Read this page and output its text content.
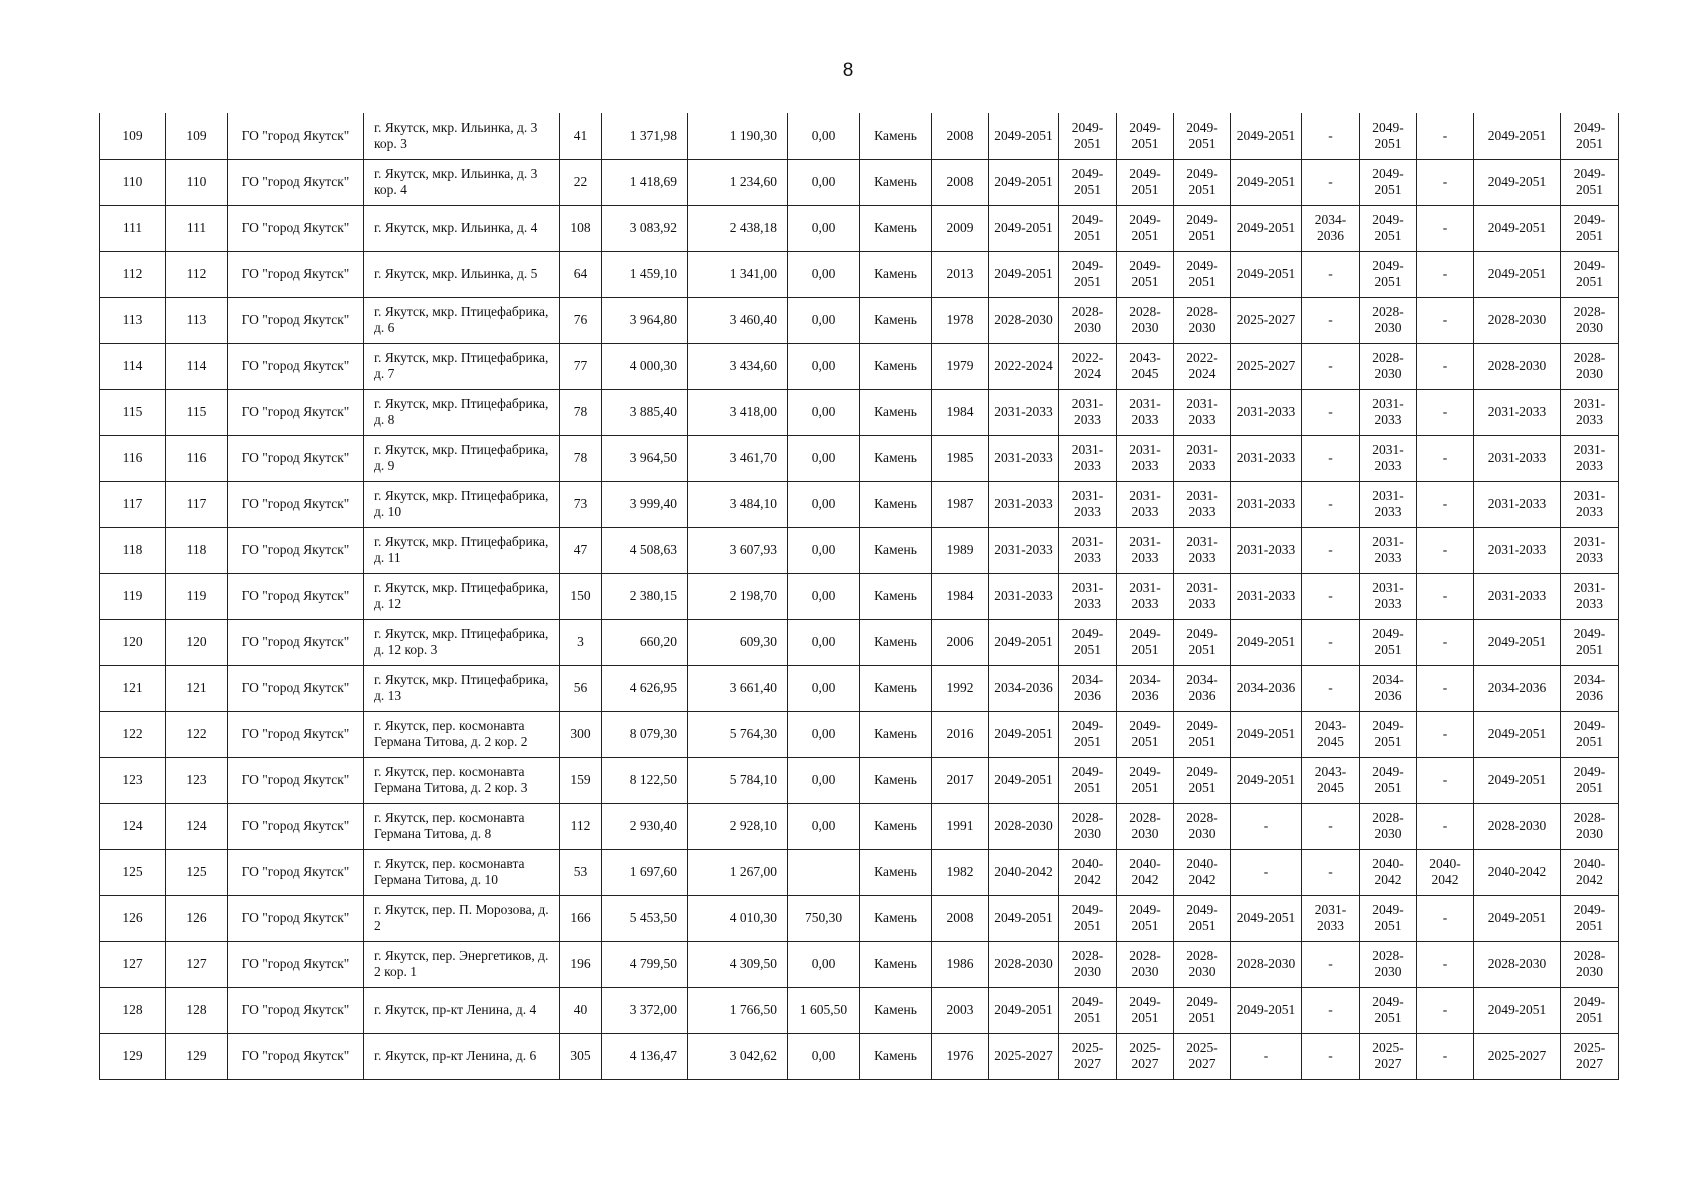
8
109	109	ГО "город Якутск"	г. Якутск, мкр. Ильинка, д. 3 кор. 3	41	1 371,98	1 190,30	0,00	Камень	2008	2049-2051	2049-2051	2049-2051	2049-2051	2049-2051	-	2049-2051	-	2049-2051	2049-2051
110	110	ГО "город Якутск"	г. Якутск, мкр. Ильинка, д. 3 кор. 4	22	1 418,69	1 234,60	0,00	Камень	2008	2049-2051	2049-2051	2049-2051	2049-2051	2049-2051	-	2049-2051	-	2049-2051	2049-2051
111	111	ГО "город Якутск"	г. Якутск, мкр. Ильинка, д. 4	108	3 083,92	2 438,18	0,00	Камень	2009	2049-2051	2049-2051	2049-2051	2049-2051	2049-2051	2034-2036	2049-2051	-	2049-2051	2049-2051
112	112	ГО "город Якутск"	г. Якутск, мкр. Ильинка, д. 5	64	1 459,10	1 341,00	0,00	Камень	2013	2049-2051	2049-2051	2049-2051	2049-2051	2049-2051	-	2049-2051	-	2049-2051	2049-2051
113	113	ГО "город Якутск"	г. Якутск, мкр. Птицефабрика, д. 6	76	3 964,80	3 460,40	0,00	Камень	1978	2028-2030	2028-2030	2028-2030	2028-2030	2025-2027	-	2028-2030	-	2028-2030	2028-2030
114	114	ГО "город Якутск"	г. Якутск, мкр. Птицефабрика, д. 7	77	4 000,30	3 434,60	0,00	Камень	1979	2022-2024	2022-2024	2043-2045	2022-2024	2025-2027	-	2028-2030	-	2028-2030	2028-2030
115	115	ГО "город Якутск"	г. Якутск, мкр. Птицефабрика, д. 8	78	3 885,40	3 418,00	0,00	Камень	1984	2031-2033	2031-2033	2031-2033	2031-2033	2031-2033	-	2031-2033	-	2031-2033	2031-2033
116	116	ГО "город Якутск"	г. Якутск, мкр. Птицефабрика, д. 9	78	3 964,50	3 461,70	0,00	Камень	1985	2031-2033	2031-2033	2031-2033	2031-2033	2031-2033	-	2031-2033	-	2031-2033	2031-2033
117	117	ГО "город Якутск"	г. Якутск, мкр. Птицефабрика, д. 10	73	3 999,40	3 484,10	0,00	Камень	1987	2031-2033	2031-2033	2031-2033	2031-2033	2031-2033	-	2031-2033	-	2031-2033	2031-2033
118	118	ГО "город Якутск"	г. Якутск, мкр. Птицефабрика, д. 11	47	4 508,63	3 607,93	0,00	Камень	1989	2031-2033	2031-2033	2031-2033	2031-2033	2031-2033	-	2031-2033	-	2031-2033	2031-2033
119	119	ГО "город Якутск"	г. Якутск, мкр. Птицефабрика, д. 12	150	2 380,15	2 198,70	0,00	Камень	1984	2031-2033	2031-2033	2031-2033	2031-2033	2031-2033	-	2031-2033	-	2031-2033	2031-2033
120	120	ГО "город Якутск"	г. Якутск, мкр. Птицефабрика, д. 12 кор. 3	3	660,20	609,30	0,00	Камень	2006	2049-2051	2049-2051	2049-2051	2049-2051	2049-2051	-	2049-2051	-	2049-2051	2049-2051
121	121	ГО "город Якутск"	г. Якутск, мкр. Птицефабрика, д. 13	56	4 626,95	3 661,40	0,00	Камень	1992	2034-2036	2034-2036	2034-2036	2034-2036	2034-2036	-	2034-2036	-	2034-2036	2034-2036
122	122	ГО "город Якутск"	г. Якутск, пер. космонавта Германа Титова, д. 2 кор. 2	300	8 079,30	5 764,30	0,00	Камень	2016	2049-2051	2049-2051	2049-2051	2049-2051	2049-2051	2043-2045	2049-2051	-	2049-2051	2049-2051
123	123	ГО "город Якутск"	г. Якутск, пер. космонавта Германа Титова, д. 2 кор. 3	159	8 122,50	5 784,10	0,00	Камень	2017	2049-2051	2049-2051	2049-2051	2049-2051	2049-2051	2043-2045	2049-2051	-	2049-2051	2049-2051
124	124	ГО "город Якутск"	г. Якутск, пер. космонавта Германа Титова, д. 8	112	2 930,40	2 928,10	0,00	Камень	1991	2028-2030	2028-2030	2028-2030	2028-2030	-	-	2028-2030	-	2028-2030	2028-2030
125	125	ГО "город Якутск"	г. Якутск, пер. космонавта Германа Титова, д. 10	53	1 697,60	1 267,00		Камень	1982	2040-2042	2040-2042	2040-2042	2040-2042	-	-	2040-2042	2040-2042	2040-2042	2040-2042
126	126	ГО "город Якутск"	г. Якутск, пер. П. Морозова, д. 2	166	5 453,50	4 010,30	750,30	Камень	2008	2049-2051	2049-2051	2049-2051	2049-2051	2049-2051	2031-2033	2049-2051	-	2049-2051	2049-2051
127	127	ГО "город Якутск"	г. Якутск, пер. Энергетиков, д. 2 кор. 1	196	4 799,50	4 309,50	0,00	Камень	1986	2028-2030	2028-2030	2028-2030	2028-2030	2028-2030	-	2028-2030	-	2028-2030	2028-2030
128	128	ГО "город Якутск"	г. Якутск, пр-кт Ленина, д. 4	40	3 372,00	1 766,50	1 605,50	Камень	2003	2049-2051	2049-2051	2049-2051	2049-2051	2049-2051	-	2049-2051	-	2049-2051	2049-2051
129	129	ГО "город Якутск"	г. Якутск, пр-кт Ленина, д. 6	305	4 136,47	3 042,62	0,00	Камень	1976	2025-2027	2025-2027	2025-2027	2025-2027	-	-	2025-2027	-	2025-2027	2025-2027
